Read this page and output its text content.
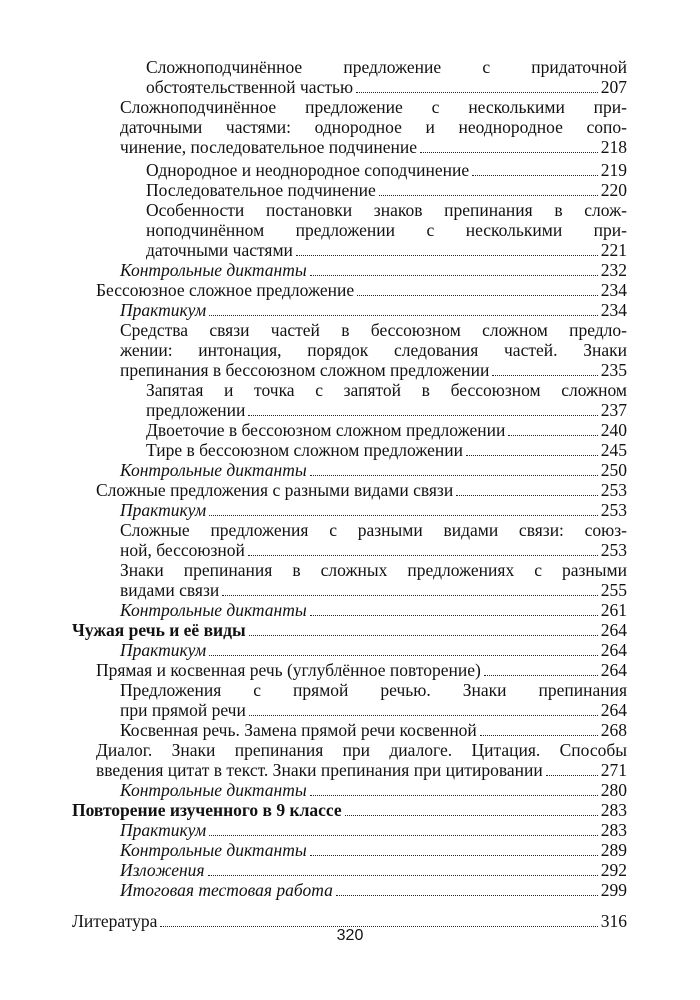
Сложноподчинённое предложение с придаточной
обстоятельственной частью	207
Сложноподчинённое предложение с несколькими при-
даточными частями: однородное и неоднородное сопо-
чинение, последовательное подчинение	218
Однородное и неоднородное соподчинение	219
Последовательное подчинение	220
Особенности постановки знаков препинания в слож-
ноподчинённом предложении с несколькими при-
даточными частями	221
Контрольные диктанты	232
Бессоюзное сложное предложение	234
Практикум	234
Средства связи частей в бессоюзном сложном предло-
жении: интонация, порядок следования частей. Знаки
препинания в бессоюзном сложном предложении	235
Запятая и точка с запятой в бессоюзном сложном
предложении	237
Двоеточие в бессоюзном сложном предложении	240
Тире в бессоюзном сложном предложении	245
Контрольные диктанты	250
Сложные предложения с разными видами связи	253
Практикум	253
Сложные предложения с разными видами связи: союз-
ной, бессоюзной	253
Знаки препинания в сложных предложениях с разными
видами связи	255
Контрольные диктанты	261
Чужая речь и её виды	264
Практикум	264
Прямая и косвенная речь (углублённое повторение)	264
Предложения с прямой речью. Знаки препинания
при прямой речи	264
Косвенная речь. Замена прямой речи косвенной	268
Диалог. Знаки препинания при диалоге. Цитация. Способы
введения цитат в текст. Знаки препинания при цитировании	271
Контрольные диктанты	280
Повторение изученного в 9 классе	283
Практикум	283
Контрольные диктанты	289
Изложения	292
Итоговая тестовая работа	299
Литература	316
320
